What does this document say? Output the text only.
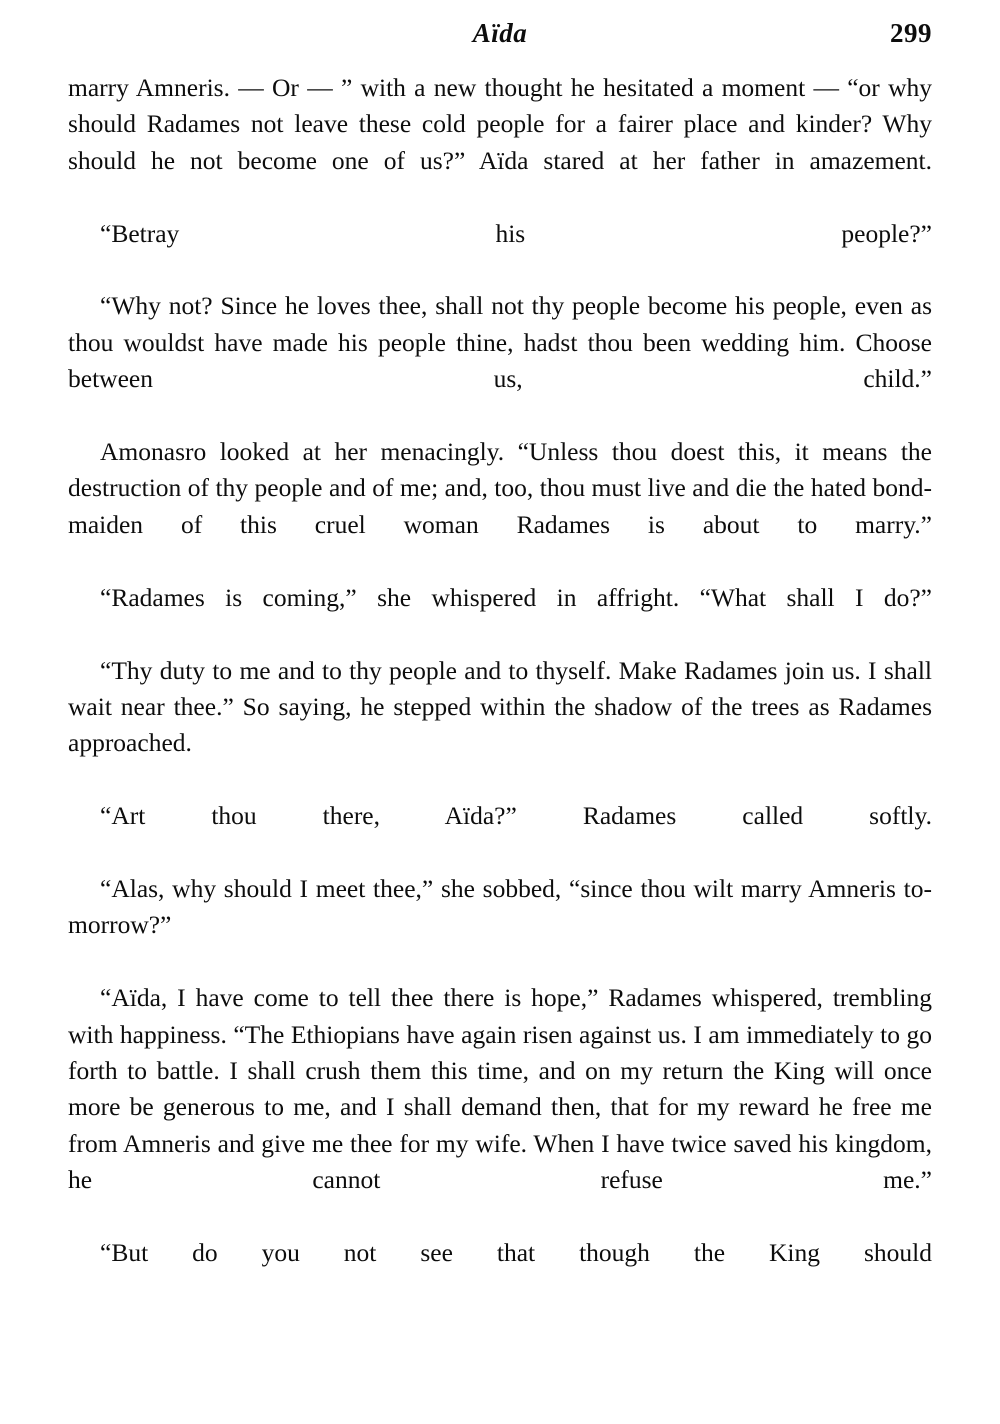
Aïda	299

marry Amneris. — Or — ” with a new thought he hesitated a moment — “or why should Radames not leave these cold people for a fairer place and kinder? Why should he not become one of us?” Aïda stared at her father in amazement.

“Betray his people?”

“Why not? Since he loves thee, shall not thy people become his people, even as thou wouldst have made his people thine, hadst thou been wedding him. Choose between us, child.”

Amonasro looked at her menacingly. “Unless thou doest this, it means the destruction of thy people and of me; and, too, thou must live and die the hated bond-maiden of this cruel woman Radames is about to marry.”

“Radames is coming,” she whispered in affright. “What shall I do?”

“Thy duty to me and to thy people and to thyself. Make Radames join us. I shall wait near thee.” So saying, he stepped within the shadow of the trees as Radames approached.

“Art thou there, Aïda?” Radames called softly.

“Alas, why should I meet thee,” she sobbed, “since thou wilt marry Amneris to-morrow?”

“Aïda, I have come to tell thee there is hope,” Radames whispered, trembling with happiness. “The Ethiopians have again risen against us. I am immediately to go forth to battle. I shall crush them this time, and on my return the King will once more be generous to me, and I shall demand then, that for my reward he free me from Amneris and give me thee for my wife. When I have twice saved his kingdom, he cannot refuse me.”

“But do you not see that though the King should
